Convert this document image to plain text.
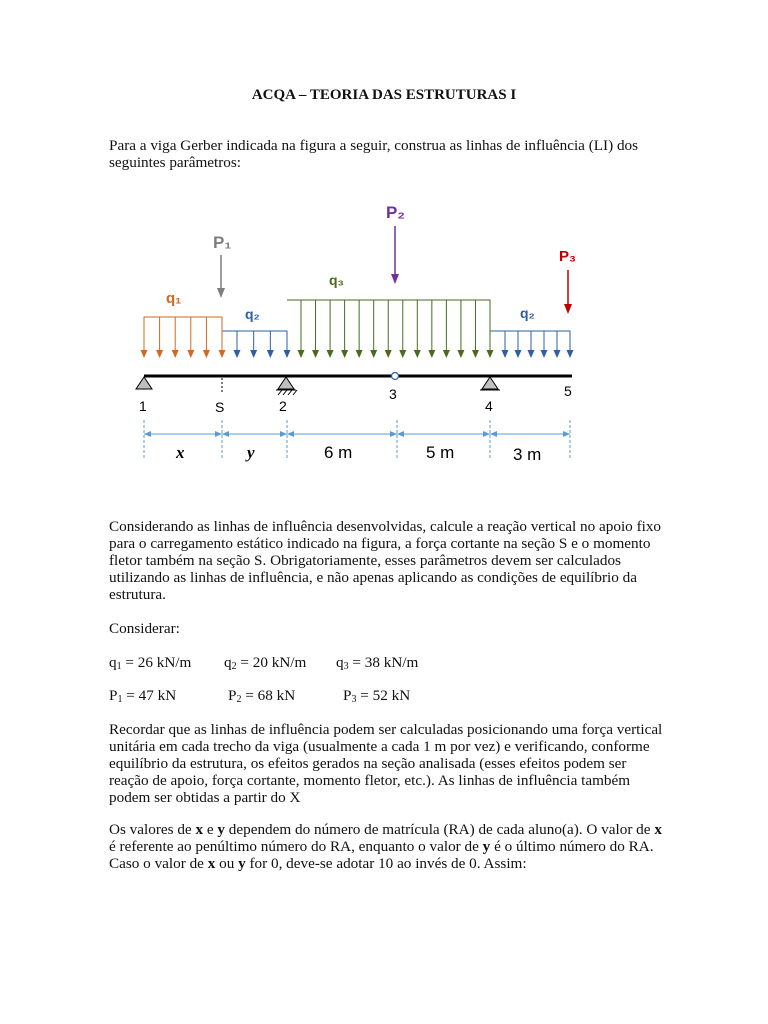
ACQA – TEORIA DAS ESTRUTURAS I

Para a viga Gerber indicada na figura a seguir, construa as linhas de influência (LI) dos seguintes parâmetros:

P₁
P₂
P₃
q₁
q₂
q₃
q₂
1	S	2
3
4
5
x	y	6 m	5 m	3 m

Considerando as linhas de influência desenvolvidas, calcule a reação vertical no apoio fixo para o carregamento estático indicado na figura, a força cortante na seção S e o momento fletor também na seção S. Obrigatoriamente, esses parâmetros devem ser calculados utilizando as linhas de influência, e não apenas aplicando as condições de equilíbrio da estrutura.

Considerar:

$q_1 = 26$ kN/m $q_2 = 20$ kN/m $q_3 = 38$ kN/m
$P_1 = 47$ kN	$P_2 = 68$ kN	$P_3 = 52$ kN

Recordar que as linhas de influência podem ser calculadas posicionando uma força vertical unitária em cada trecho da viga (usualmente a cada 1 m por vez) e verificando, conforme equilíbrio da estrutura, os efeitos gerados na seção analisada (esses efeitos podem ser reação de apoio, força cortante, momento fletor, etc.). As linhas de influência também podem ser obtidas a partir do X

Os valores de x e y dependem do número de matrícula (RA) de cada aluno(a). O valor de x é referente ao penúltimo número do RA, enquanto o valor de y é o último número do RA. Caso o valor de x ou y for 0, deve-se adotar 10 ao invés de 0. Assim:
